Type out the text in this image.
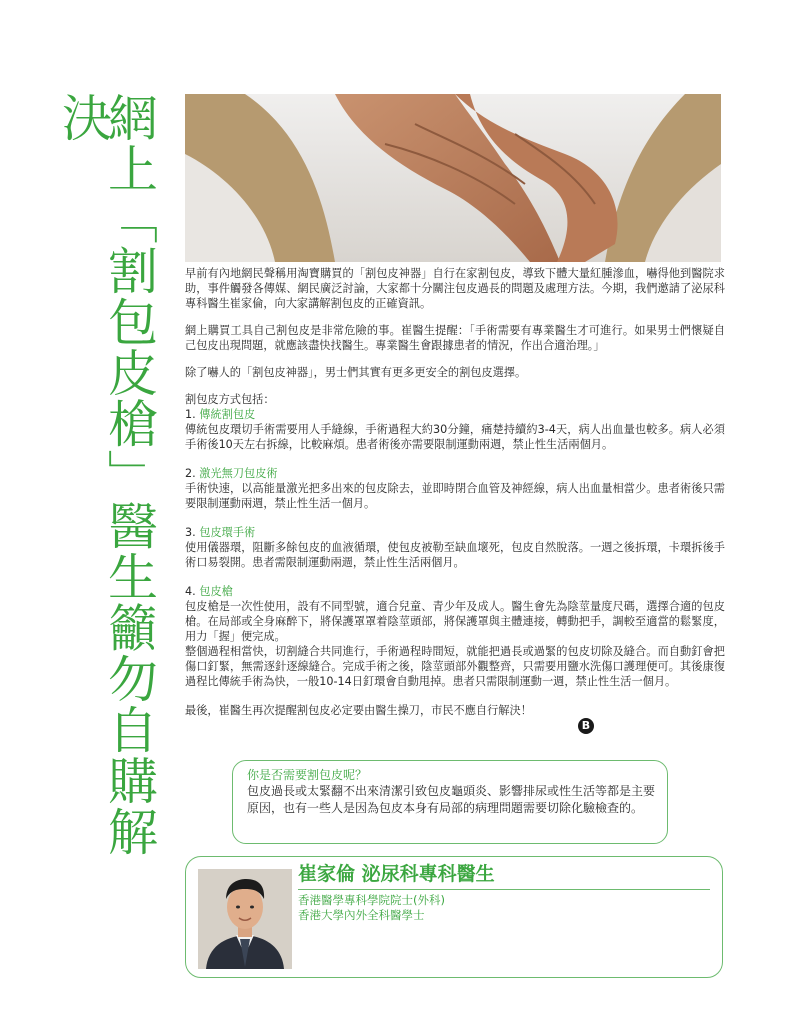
網上「割包皮槍」醫生籲勿自購解決

早前有內地網民聲稱用淘寶購買的「割包皮神器」自行在家割包皮，導致下體大量紅腫滲血，嚇得他到醫院求助，事件觸發各傳媒、網民廣泛討論，大家都十分關注包皮過長的問題及處理方法。今期，我們邀請了泌尿科專科醫生崔家倫，向大家講解割包皮的正確資訊。

網上購買工具自己割包皮是非常危險的事。崔醫生提醒：「手術需要有專業醫生才可進行。如果男士們懷疑自己包皮出現問題，就應該盡快找醫生。專業醫生會跟據患者的情況，作出合適治理。」

除了嚇人的「割包皮神器」，男士們其實有更多更安全的割包皮選擇。

割包皮方式包括：
1. 傳統割包皮
傳統包皮環切手術需要用人手縫線，手術過程大約30分鐘，痛楚持續約3-4天，病人出血量也較多。病人必須手術後10天左右拆線，比較麻煩。患者術後亦需要限制運動兩週，禁止性生活兩個月。
2. 激光無刀包皮術
手術快速，以高能量激光把多出來的包皮除去，並即時閉合血管及神經線，病人出血量相當少。患者術後只需要限制運動兩週，禁止性生活一個月。
3. 包皮環手術
使用儀器環，阻斷多餘包皮的血液循環，使包皮被勒至缺血壞死，包皮自然脫落。一週之後拆環，卡環拆後手術口易裂開。患者需限制運動兩週，禁止性生活兩個月。
4. 包皮槍
包皮槍是一次性使用，設有不同型號，適合兒童、青少年及成人。醫生會先為陰莖量度尺碼，選擇合適的包皮槍。在局部或全身麻醉下，將保護罩罩着陰莖頭部，將保護罩與主體連接，轉動把手，調較至適當的鬆緊度，用力「握」便完成。
整個過程相當快，切割縫合共同進行，手術過程時間短，就能把過長或過緊的包皮切除及縫合。而自動釘會把傷口釘緊，無需逐針逐線縫合。完成手術之後，陰莖頭部外觀整齊，只需要用鹽水洗傷口護理便可。其後康復過程比傳統手術為快，一般10-14日釘環會自動甩掉。患者只需限制運動一週，禁止性生活一個月。
最後，崔醫生再次提醒割包皮必定要由醫生操刀，市民不應自行解決！
B
你是否需要割包皮呢？
包皮過長或太緊翻不出來清潔引致包皮龜頭炎、影響排尿或性生活等都是主要原因，也有一些人是因為包皮本身有局部的病理問題需要切除化驗檢查的。
崔家倫 泌尿科專科醫生
香港醫學專科學院院士(外科)
香港大學內外全科醫學士
